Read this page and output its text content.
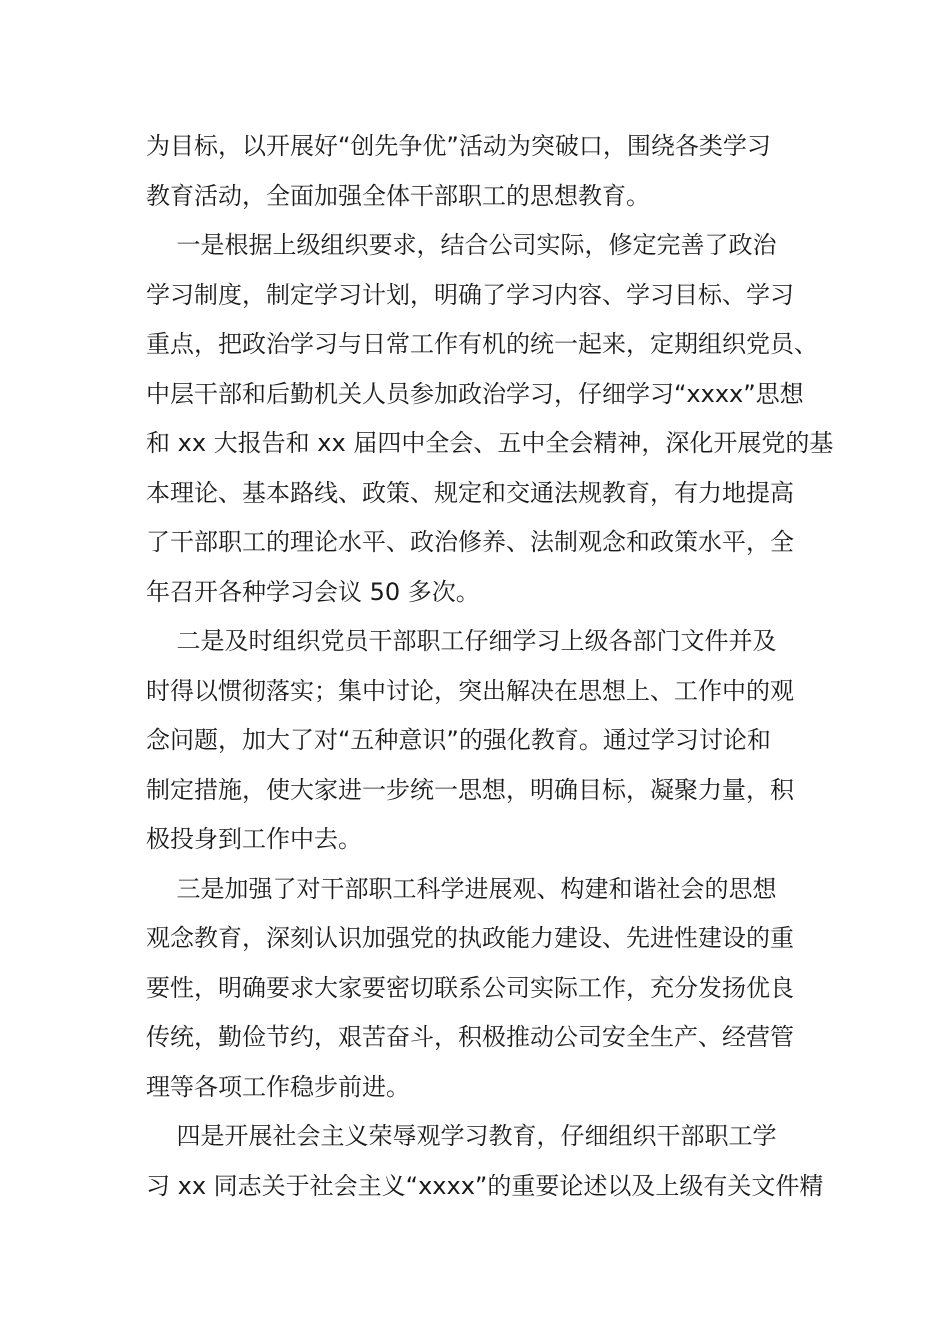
为目标，以开展好“创先争优”活动为突破口，围绕各类学习
教育活动，全面加强全体干部职工的思想教育。

一是根据上级组织要求，结合公司实际，修定完善了政治
学习制度，制定学习计划，明确了学习内容、学习目标、学习
重点，把政治学习与日常工作有机的统一起来，定期组织党员、
中层干部和后勤机关人员参加政治学习，仔细学习“xxxx”思想
和 xx 大报告和 xx 届四中全会、五中全会精神，深化开展党的基
本理论、基本路线、政策、规定和交通法规教育，有力地提高
了干部职工的理论水平、政治修养、法制观念和政策水平，全
年召开各种学习会议 50 多次。

二是及时组织党员干部职工仔细学习上级各部门文件并及
时得以惯彻落实；集中讨论，突出解决在思想上、工作中的观
念问题，加大了对“五种意识”的强化教育。通过学习讨论和
制定措施，使大家进一步统一思想，明确目标，凝聚力量，积
极投身到工作中去。

三是加强了对干部职工科学进展观、构建和谐社会的思想
观念教育，深刻认识加强党的执政能力建设、先进性建设的重
要性，明确要求大家要密切联系公司实际工作，充分发扬优良
传统，勤俭节约，艰苦奋斗，积极推动公司安全生产、经营管
理等各项工作稳步前进。

四是开展社会主义荣辱观学习教育，仔细组织干部职工学
习 xx 同志关于社会主义“xxxx”的重要论述以及上级有关文件精
